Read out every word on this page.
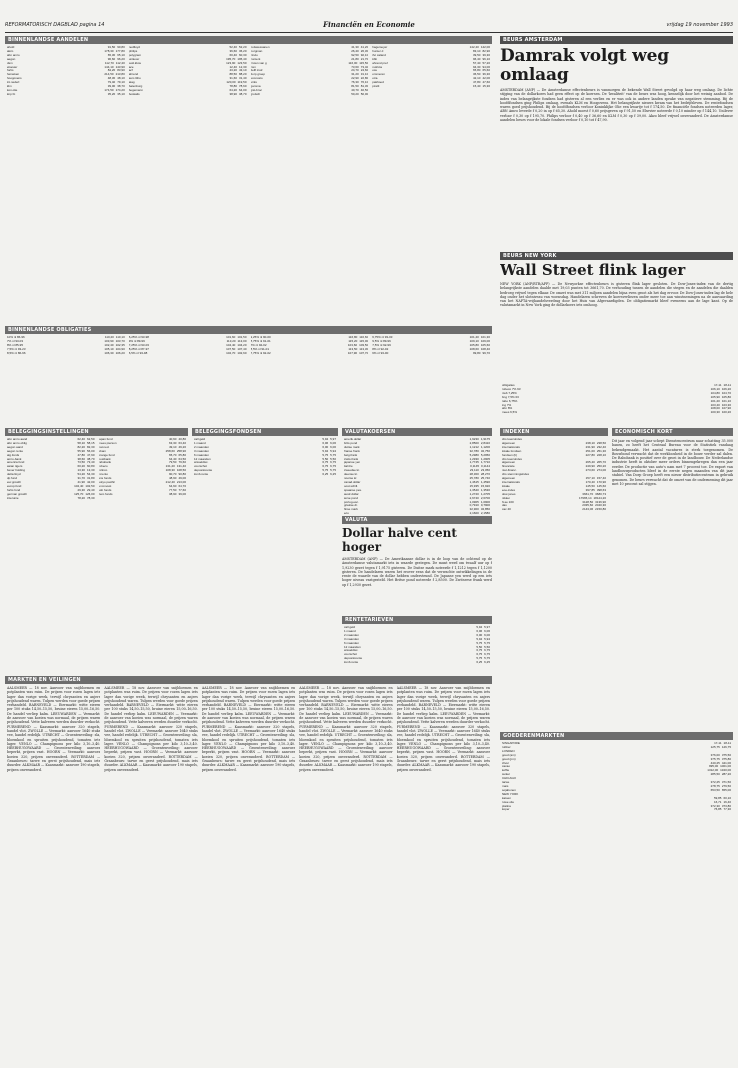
REFORMATORISCH DAGBLAD pagina 14	Financiën en Economie	vrijdag 19 november 1993
BINNENLANDSE AANDELEN
ahold	91,50 90,80
akzo	178,30 177,80
abn amro	65,30 65,10
aegon	96,60 96,20
dsm	112,70 112,40
elsevier	144,10 143,90
fortis	84,20 83,90
heineken	214,50 213,80
hoogovens	48,30 48,10
int.nederl	79,40 79,10
klm	39,00 38,70
kon.olie	174,50 174,20
knp bt	35,20 35,10
nedlloyd	52,40 52,20
philips	36,60 36,20
polygram	60,40 60,30
unilever	195,70 195,40
wolt.kluw	123,90 123,50
ace	12,40 12,30
acf	43,20 43,10
ahrend	88,50 88,20
asm litho	31,60 31,40
atag	120,00 119,50
batenburg	78,80 78,60
begemann	64,20 64,00
boskalis	38,90 38,70
bolswessanen	41,30 41,20
burgman	26,40 26,30
cindu	92,50 92,10
content	21,80 21,70
crown van g	116,00 115,50
csm	73,60 73,40
delft instr	24,70 24,60
dorp groep	31,20 31,10
econosto	22,90 22,80
eriks	76,30 76,10
gamma	81,50 81,30
gist-broc	40,70 40,50
grolsch	50,20 50,00
hagemeyer	142,40 142,00
hunter d	83,10 82,90
ihc caland	39,50 39,30
kbb	96,40 96,10
ahrend pref	57,40 57,20
nutricia	94,30 94,00
oce	65,80 65,60
ommeren	36,50 36,30
otra	42,10 42,00
pakhoed	47,80 47,60
pirelli	15,40 15,30
BEURS AMSTERDAM
Damrak volgt weg omlaag
AMSTERDAM (ANP) — De Amsterdamse effectenbeurs is vanmorgen de bekende Wall Street gevolgd op haar weg omlaag. De lichte stijging van de dollarkoers had geen effect op de koersen. De 'kwaliteit' van de beurs was hoog, kennelijk door het weinig aanbod. De index van belangrijkste fondsen had gisteren al een verlies en er was ook in andere landen sprake van negatieve stemming. Bij de hoofdfondsen ging Philips omlaag, evenals KLM en Hoogovens. Het belangrijkste nieuws kwam van het bedrijfsleven. De rentefondsen waren goed prijshoudend. Bij de hoofdfondsen verloor Koninklijke Olie een kwartje tot f 174,50. De financiële fondsen noteerden lager, ABN Amro leverde f 0,20 in op f 65,30. Ahold moest f 0,60 prijsgeven op f 91,50 en Elsevier noteerde f 0,10 minder op f 144,10. Unilever verloor f 0,30 op f 195,70. Philips verloor f 0,40 op f 36,60 en KLM f 0,30 op f 39,00. Akzo bleef vrijwel onveranderd. De Amsterdamse aandelen beurs voor de lokale fondsen verloor f 0,10 tot f 47,90.
BEURS NEW YORK
Wall Street flink lager
NEW YORK (ANP/RTR/AFP) — De Newyorkse effectenbeurs is gisteren flink lager gesloten. De Dow-Jones-index van de dertig belangrijkste aandelen daalde met 19,03 punten tot 3661,70. De verhouding tussen de aandelen die stegen en de aandelen die daalden bedroeg vrijwel tegen elkaar. De omzet was met 311 miljoen aandelen bijna even groot als het dag ervoor. De Dow-Jones-index lag de hele dag onder het slotniveau van woensdag. Handelaren schreven de koersverliezen onder meer toe aan winstnemingen na de aanvaarding van het NAFTA-vrijhandelsverdrag door het Huis van Afgevaardigden. De obligatiemarkt bleef eveneens aan de lage kant. Op de valutamarkt in New York ging de dollarkoers iets omhoog.
BINNENLANDSE OBLIGATIES
10% nl 86-96	110,20 110,10
7% nl 93-03	103,90 103,70
8% nl 85-95	102,40 102,35
7,5% nl 93-23	105,10 104,90
8,5% nl 86-96	106,30 106,20
6,25% nl 93-98	101,60 101,50
9% nl 89-99	113,20 113,00
7,25% nl 93-03	104,40 104,20
8,25% nl 87-97	107,50 107,40
6,5% nl 93-98	102,70 102,60
9,25% nl 90-00	116,80 116,60
8,75% nl 91-01	115,20 115,00
7% nl 92-02	103,60 103,50
8,5% nl 91-01	113,50 113,30
7,75% nl 92-02	107,90 107,70
6,75% nl 93-03	101,40 101,30
9,5% nl 89-96	109,10 109,00
7,5% nl 92-99	105,80 105,60
8% nl 92-02	108,60 108,40
6% nl 93-00	99,80 99,70
obligaties	17-11 18-11
robeco 7% 93	106,10 106,20
nwb 7,25%	104,80 104,70
bng 7,5% 03	105,90 105,80
rabo 6,75%	101,20 101,10
ing 7%	103,40 103,30
abn 8%	108,00 107,90
mees 6,5%	100,30 100,20
BELEGGINGSINSTELLINGEN
abn amro aand	62,40 62,50
abn amro oblig	58,10 58,15
aegon aand	82,20 82,30
aegon rente	55,90 56,00
alg.fonds	47,80 47,90
amro-bank	38,60 38,70
america fund	73,50 73,40
asian tigers	60,20 60,80
bever holding	13,30 13,30
delta lloyd	54,20 54,30
dp fund	31,70 31,80
eur.growth	41,90 42,00
europ.fund	102,40 102,50
fortis fund	29,30 29,40
german growth	125,70 126,00
interunie	78,20 78,30
japan fund	40,60 40,80
mees pierson	63,30 63,40
nat.ned.	49,10 49,20
obam	258,60 258,90
orange fund	65,70 65,80
postbank	64,40 64,50
rabobank	79,50 79,60
robeco	131,20 131,40
rolinco	108,30 108,50
rorento	90,70 90,80
sns fonds	48,90 49,00
tokyo pacific	212,40 213,00
uni-invest	64,60 64,70
vsb fonds	77,50 77,60
zero fonds	38,90 39,00
BELEGGINGSFONDSEN
call geld	5,94 5,97
1 maand	6,06 6,06
2 maanden	6,00 6,00
3 maanden	5,94 5,94
6 maanden	5,75 5,75
12 maanden	5,50 5,50
wisseldisc.	6,75 6,75
voorschot	6,75 6,75
depositorente	5,75 5,75
lomb.rente	6,25 6,25
VALUTAKOERSEN
amerik.dollar	1,9230 1,9175
brits pond	2,8500 2,8410
duitse mark	1,1212 1,1200
franse frank	32,780 32,750
belg.frank	5,2980 5,2950
zwits.frank	1,2930 1,2905
japanse yen	1,7745 1,7710
ital.lire	0,1145 0,1144
zweedse kr.	23,110 23,050
deense kr.	28,300 28,270
noorse kr.	25,780 25,740
canad.dollar	1,4615 1,4590
oost.schill.	15,935 15,920
spaanse pes.	1,3540 1,3530
austr.dollar	1,2720 1,2705
ierse pond	2,6740 2,6700
portug.esc.	1,0905 1,0900
griekse dr.	0,7910 0,7900
finse mark	32,900 32,850
ecu	2,1600 2,1580
VALUTA
Dollar halve cent hoger
AMSTERDAM (ANP) — De Amerikaanse dollar is in de loop van de ochtend op de Amsterdamse valutamarkt iets in waarde gestegen. De munt werd om twaalf uur op f 1,9230 gezet tegen f 1,9175 gisteren. De Duitse mark noteerde f 1,1212 tegen f 1,1200 gisteren. De handelaren waren het erover eens dat de verwachte ontwikkelingen in de rente de waarde van de dollar hebben ondersteund. De Japanse yen werd op een iets hoger niveau vastgesteld. Het Britse pond noteerde f 2,8500. De Zwitserse frank werd op f 1,2930 gezet.
RENTETARIEVEN
call geld	5,94 5,97
1 maand	6,06 6,06
2 maanden	6,00 6,00
3 maanden	5,94 5,94
6 maanden	5,75 5,75
12 maanden	5,50 5,50
wisseldisc.	6,75 6,75
voorschot	6,75 6,75
depositorente	5,75 5,75
lomb.rente	6,25 6,25
INDEXEN
cbs koersindex
algemeen	238,10 238,50
internationals	231,90 232,40
lokale fondsen	251,00 251,30
fondsen (b)	227,80 228,10
cbs koersindex
algemeen	265,40 265,70
financiele	249,90 250,20
niet-financ.	273,60 274,00
cbs stemmingsindex
algemeen	157,10 157,40
internationals	170,40 170,90
lokale	145,50 145,60
eoe-index	397,85 398,63
dow jones	3661,70 3680,73
nikkei	17965,14 18124,20
ft-se 100	3128,50 3136,90
dax	2035,60 2040,30
cac 40	2143,06 2150,80
ECONOMISCH KORT
Dit jaar en volgend jaar schept Dienstencentrum naar schatting 35.000 banen, zo heeft het Centraal Bureau voor de Statistiek vandaag bekendgemaakt. Het aantal vacatures is sterk toegenomen. De Bouwbond verwacht dat de werkloosheid in de bouw verder zal dalen. De Rabobank is positief over de groei in de landbouw. De Nederlandse industrie heeft in oktober meer orders binnengekregen dan een jaar eerder. De productie van auto's nam met 7 procent toe. De export van landbouwproducten bleef in de eerste negen maanden van dit jaar stabiel. Van Dorp Groep heeft een nieuw distributiecentrum in gebruik genomen. De beurs verwacht dat de omzet van de onderneming dit jaar met 10 procent zal stijgen.
MARKTEN EN VEILINGEN
AALSMEER — 18 nov. Aanvoer van snijbloemen en potplanten was ruim. De prijzen voor rozen lagen iets lager dan vorige week, terwijl chrysanten en anjers prijshoudend waren. Tulpen werden voor goede prijzen verhandeld. BARNEVELD — Eiermarkt: witte eieren per 100 stuks 14,50–15,50, bruine eieren 15,00–16,50. De handel verliep kalm. LEEUWARDEN — Veemarkt: de aanvoer van koeien was normaal, de prijzen waren prijshoudend. Vette kalveren werden duurder verkocht. PURMEREND — Kaasmarkt: aanvoer 320 stapels, handel vlot. ZWOLLE — Veemarkt: aanvoer 1640 stuks vee, handel redelijk. UTRECHT — Groentenveiling: sla, bloemkool en spruiten prijshoudend, tomaten iets lager. VENLO — Champignons per kilo 3,10–3,40. HEERHUGOWAARD — Groentenveiling: aanvoer beperkt, prijzen vast. HOORN — Veemarkt: aanvoer koeien 320, prijzen onveranderd. ROTTERDAM — Graanbeurs: tarwe en gerst prijshoudend, mais iets duurder. ALKMAAR — Kaasmarkt: aanvoer 190 stapels, prijzen onveranderd.
AALSMEER — 18 nov. Aanvoer van snijbloemen en potplanten was ruim. De prijzen voor rozen lagen iets lager dan vorige week, terwijl chrysanten en anjers prijshoudend waren. Tulpen werden voor goede prijzen verhandeld. BARNEVELD — Eiermarkt: witte eieren per 100 stuks 14,50–15,50, bruine eieren 15,00–16,50. De handel verliep kalm. LEEUWARDEN — Veemarkt: de aanvoer van koeien was normaal, de prijzen waren prijshoudend. Vette kalveren werden duurder verkocht. PURMEREND — Kaasmarkt: aanvoer 320 stapels, handel vlot. ZWOLLE — Veemarkt: aanvoer 1640 stuks vee, handel redelijk. UTRECHT — Groentenveiling: sla, bloemkool en spruiten prijshoudend, tomaten iets lager. VENLO — Champignons per kilo 3,10–3,40. HEERHUGOWAARD — Groentenveiling: aanvoer beperkt, prijzen vast. HOORN — Veemarkt: aanvoer koeien 320, prijzen onveranderd. ROTTERDAM — Graanbeurs: tarwe en gerst prijshoudend, mais iets duurder. ALKMAAR — Kaasmarkt: aanvoer 190 stapels, prijzen onveranderd.
AALSMEER — 18 nov. Aanvoer van snijbloemen en potplanten was ruim. De prijzen voor rozen lagen iets lager dan vorige week, terwijl chrysanten en anjers prijshoudend waren. Tulpen werden voor goede prijzen verhandeld. BARNEVELD — Eiermarkt: witte eieren per 100 stuks 14,50–15,50, bruine eieren 15,00–16,50. De handel verliep kalm. LEEUWARDEN — Veemarkt: de aanvoer van koeien was normaal, de prijzen waren prijshoudend. Vette kalveren werden duurder verkocht. PURMEREND — Kaasmarkt: aanvoer 320 stapels, handel vlot. ZWOLLE — Veemarkt: aanvoer 1640 stuks vee, handel redelijk. UTRECHT — Groentenveiling: sla, bloemkool en spruiten prijshoudend, tomaten iets lager. VENLO — Champignons per kilo 3,10–3,40. HEERHUGOWAARD — Groentenveiling: aanvoer beperkt, prijzen vast. HOORN — Veemarkt: aanvoer koeien 320, prijzen onveranderd. ROTTERDAM — Graanbeurs: tarwe en gerst prijshoudend, mais iets duurder. ALKMAAR — Kaasmarkt: aanvoer 190 stapels, prijzen onveranderd.
AALSMEER — 18 nov. Aanvoer van snijbloemen en potplanten was ruim. De prijzen voor rozen lagen iets lager dan vorige week, terwijl chrysanten en anjers prijshoudend waren. Tulpen werden voor goede prijzen verhandeld. BARNEVELD — Eiermarkt: witte eieren per 100 stuks 14,50–15,50, bruine eieren 15,00–16,50. De handel verliep kalm. LEEUWARDEN — Veemarkt: de aanvoer van koeien was normaal, de prijzen waren prijshoudend. Vette kalveren werden duurder verkocht. PURMEREND — Kaasmarkt: aanvoer 320 stapels, handel vlot. ZWOLLE — Veemarkt: aanvoer 1640 stuks vee, handel redelijk. UTRECHT — Groentenveiling: sla, bloemkool en spruiten prijshoudend, tomaten iets lager. VENLO — Champignons per kilo 3,10–3,40. HEERHUGOWAARD — Groentenveiling: aanvoer beperkt, prijzen vast. HOORN — Veemarkt: aanvoer koeien 320, prijzen onveranderd. ROTTERDAM — Graanbeurs: tarwe en gerst prijshoudend, mais iets duurder. ALKMAAR — Kaasmarkt: aanvoer 190 stapels, prijzen onveranderd.
AALSMEER — 18 nov. Aanvoer van snijbloemen en potplanten was ruim. De prijzen voor rozen lagen iets lager dan vorige week, terwijl chrysanten en anjers prijshoudend waren. Tulpen werden voor goede prijzen verhandeld. BARNEVELD — Eiermarkt: witte eieren per 100 stuks 14,50–15,50, bruine eieren 15,00–16,50. De handel verliep kalm. LEEUWARDEN — Veemarkt: de aanvoer van koeien was normaal, de prijzen waren prijshoudend. Vette kalveren werden duurder verkocht. PURMEREND — Kaasmarkt: aanvoer 320 stapels, handel vlot. ZWOLLE — Veemarkt: aanvoer 1640 stuks vee, handel redelijk. UTRECHT — Groentenveiling: sla, bloemkool en spruiten prijshoudend, tomaten iets lager. VENLO — Champignons per kilo 3,10–3,40. HEERHUGOWAARD — Groentenveiling: aanvoer beperkt, prijzen vast. HOORN — Veemarkt: aanvoer koeien 320, prijzen onveranderd. ROTTERDAM — Graanbeurs: tarwe en gerst prijshoudend, mais iets duurder. ALKMAAR — Kaasmarkt: aanvoer 190 stapels, prijzen onveranderd.
GOEDERENMARKTEN
SINGAPORE	17-11 18-11
rubber	125,75 126,75
LONDEN
goud (am)	376,00 375,50
goud (pm)	375,75 375,80
zilver	440,25 441,00
cacao	995,00 1001,00
koffie	1312,00 1320,00
suiker	285,50 287,20
CHICAGO
tarwe	372,25 371,50
mais	278,75 279,50
sojabonen	653,50 655,00
NEW YORK
katoen	59,85 60,10
ruwe olie	16,71 16,40
platina	372,30 373,80
koper	76,85 77,30
